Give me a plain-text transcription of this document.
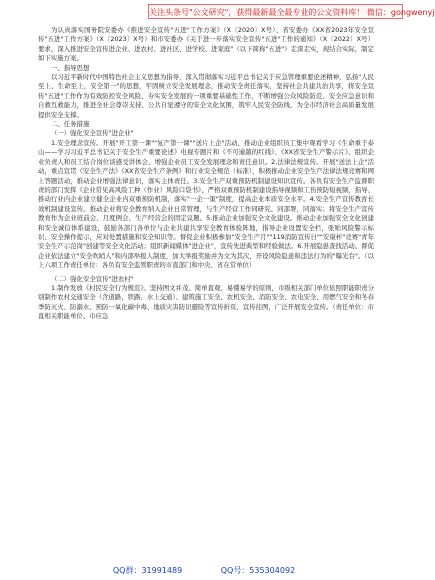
关注头条号"公文研究"，获得最新最全最专业的公文资料库！ 微信：gongwenyj

为认真落实国务院安委办《推进安全宣传"五进"工作方案》（X〔2020〕X号）、省安委办《XX省2023年安全宣传"五进"工作方案》（X〔2023〕X号）和市安委办《关于进一步落实安全宣传"五进"工作的通知》（X〔2022〕X号）要求，深入推进安全宣传进企业、进农村、进社区、进学校、进家庭"（以下简称"五进"）走深走实，现结合实际，制定如下实施方案。

一、指导思想

以习近平新时代中国特色社会主义思想为指导，深入贯彻落实习近平总书记关于应急管理重要论述精神，弘扬"人民至上、生命至上，安全第一"的思想，牢固树立安全发展理念，推动安全责任落实，坚持社会共建共治共享，将安全宣传"五进"工作作为有效防控安全风险、夯实安全发展的一项重要基础性工作，不断增强公众风险防范、安全应急意识和自救互救能力，推进全社会尊崇支持、公共自觉遵守的安全文化氛围，筑牢人民安全防线，为全市经济社会高质量发展提供安全支撑。

二、任务措施

（一）强化安全宣传"进企业"

1.安全理念宣传。开展"开工第一课""复产第一课""送片上企"活动，推动企业组织员工集中观看学习《生命重于泰山——学习习近平总书记关于安全生产重要论述》电视专题片和《不可逾越的红线》、《XX省安全生产警示片》，组织企业负责人和员工结合岗位谈感受讲体会，增强企业员工安全发展理念和责任意识。2.法律法规宣传。开展"送法上企"活动，重点宣贯《安全生产法》《XX省安全生产条例》和行业安全规范（标准），积极推动企业安全生产法律法规竞赛和网上答题活动，推动企业增强法律意识，落实主体责任。3.安全生产双重预防机制建设知识宣传。各负有安全生产监督职责的部门发挥《企业常见高风险工种（作业）风险口袋书》、严格双重预防机制建设指导视频和工伤预防短视频，指导、推动行业内企业建立健全企业内双重预防机制，落实"一企一策"制度，提高企业本质安全水平。4.安全生产宣传教育长效机制建设宣传。推动企业将安全教育纳入企业日常管理，与生产经营工作同研究、同部署，同落实；将安全生产宣传教育作为企业班前会、月度例会、生产经营会的固定议题。5.推动企业加强安全文化建设。推动企业加强安全文化创建和安全诚信体系建设，鼓励各部门各单位与企业共建共享安全教育体验阵地，指导企业设置安全栏，张贴风险警示标识、安全操作提示，应对处置措施和安全知识等。督促企业积极参加"安全生产月""119消防宣传日""安康杯"竞赛"青年安全生产示范岗"创建等安全文化活动；组织新闻媒体"进企业"，宣传先进典型和经验做法。6.开展隐患查找活动。督促企业依法建立"安全吹哨人"和内部举报人制度，加大举报奖励并为文为其次，开设风险隐患和违法行为的"曝光台"。（以上六项工作责任单位：各负有安全监管职责的市直部门和中央、省在常单位）

（二）强化安全宣传"进农村"

1.制作发放《村民安全行为规范》。坚持图文并茂、简单直观、易懂易学的原则，市级相关部门单位依照职能职责分别制作农村交通安全（含道路、铁路、水上交通）、建筑施工安全、农机安全、消防安全、农电安全、用燃气安全和冬春季防灭火、防溺水、预防一氧化碳中毒、地质灾害防识避险等宣传折页、宣传挂图，广泛开展安全宣传。（责任单位：市直相关职能单位、市应急

QQ群：31991489	QQ号：535304092
